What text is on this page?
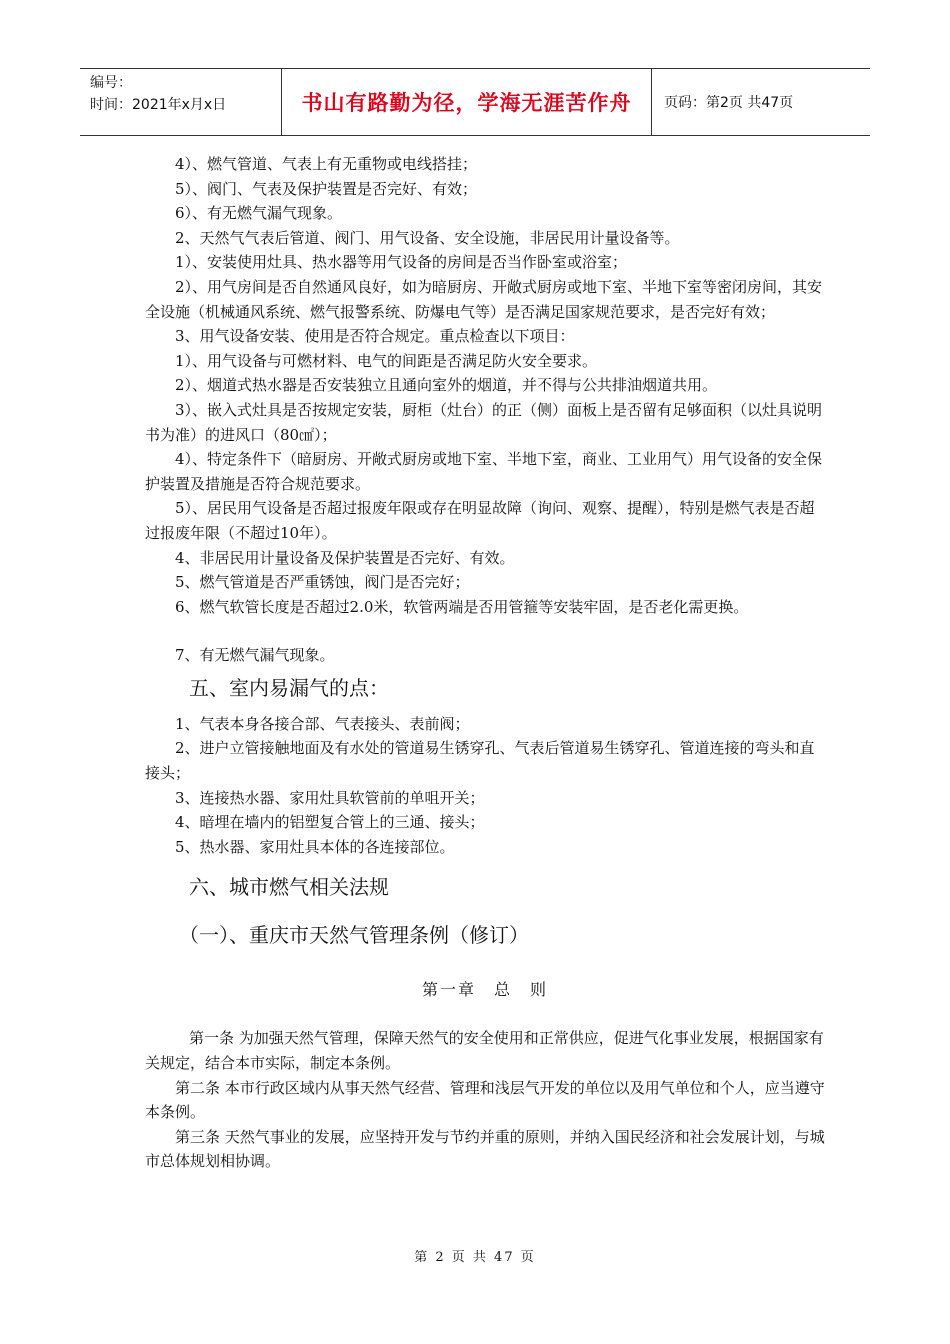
编号：
时间：2021年x月x日	书山有路勤为径，学海无涯苦作舟	页码：第2页 共47页

4）、燃气管道、气表上有无重物或电线搭挂；

5）、阀门、气表及保护装置是否完好、有效；

6）、有无燃气漏气现象。

2、天然气气表后管道、阀门、用气设备、安全设施，非居民用计量设备等。

1）、安装使用灶具、热水器等用气设备的房间是否当作卧室或浴室；

2）、用气房间是否自然通风良好，如为暗厨房、开敞式厨房或地下室、半地下室等密闭房间，其安全设施（机械通风系统、燃气报警系统、防爆电气等）是否满足国家规范要求，是否完好有效；

3、用气设备安装、使用是否符合规定。重点检查以下项目：

1）、用气设备与可燃材料、电气的间距是否满足防火安全要求。

2）、烟道式热水器是否安装独立且通向室外的烟道，并不得与公共排油烟道共用。

3）、嵌入式灶具是否按规定安装，厨柜（灶台）的正（侧）面板上是否留有足够面积（以灶具说明书为准）的进风口（80㎠）；

4）、特定条件下（暗厨房、开敞式厨房或地下室、半地下室，商业、工业用气）用气设备的安全保护装置及措施是否符合规范要求。

5）、居民用气设备是否超过报废年限或存在明显故障（询问、观察、提醒），特别是燃气表是否超过报废年限（不超过10年）。

4、非居民用计量设备及保护装置是否完好、有效。

5、燃气管道是否严重锈蚀，阀门是否完好；

6、燃气软管长度是否超过2.0米，软管两端是否用管箍等安装牢固，是否老化需更换。

7、有无燃气漏气现象。

五、室内易漏气的点：

1、气表本身各接合部、气表接头、表前阀；

2、进户立管接触地面及有水处的管道易生锈穿孔、气表后管道易生锈穿孔、管道连接的弯头和直接头；

3、连接热水器、家用灶具软管前的单咀开关；

4、暗埋在墙内的铝塑复合管上的三通、接头；

5、热水器、家用灶具本体的各连接部位。

六、城市燃气相关法规
（一）、重庆市天然气管理条例（修订）
第一章　总　则

第一条 为加强天然气管理，保障天然气的安全使用和正常供应，促进气化事业发展，根据国家有关规定，结合本市实际，制定本条例。

第二条 本市行政区域内从事天然气经营、管理和浅层气开发的单位以及用气单位和个人，应当遵守本条例。

第三条 天然气事业的发展，应坚持开发与节约并重的原则，并纳入国民经济和社会发展计划，与城市总体规划相协调。

第 2 页 共 47 页
